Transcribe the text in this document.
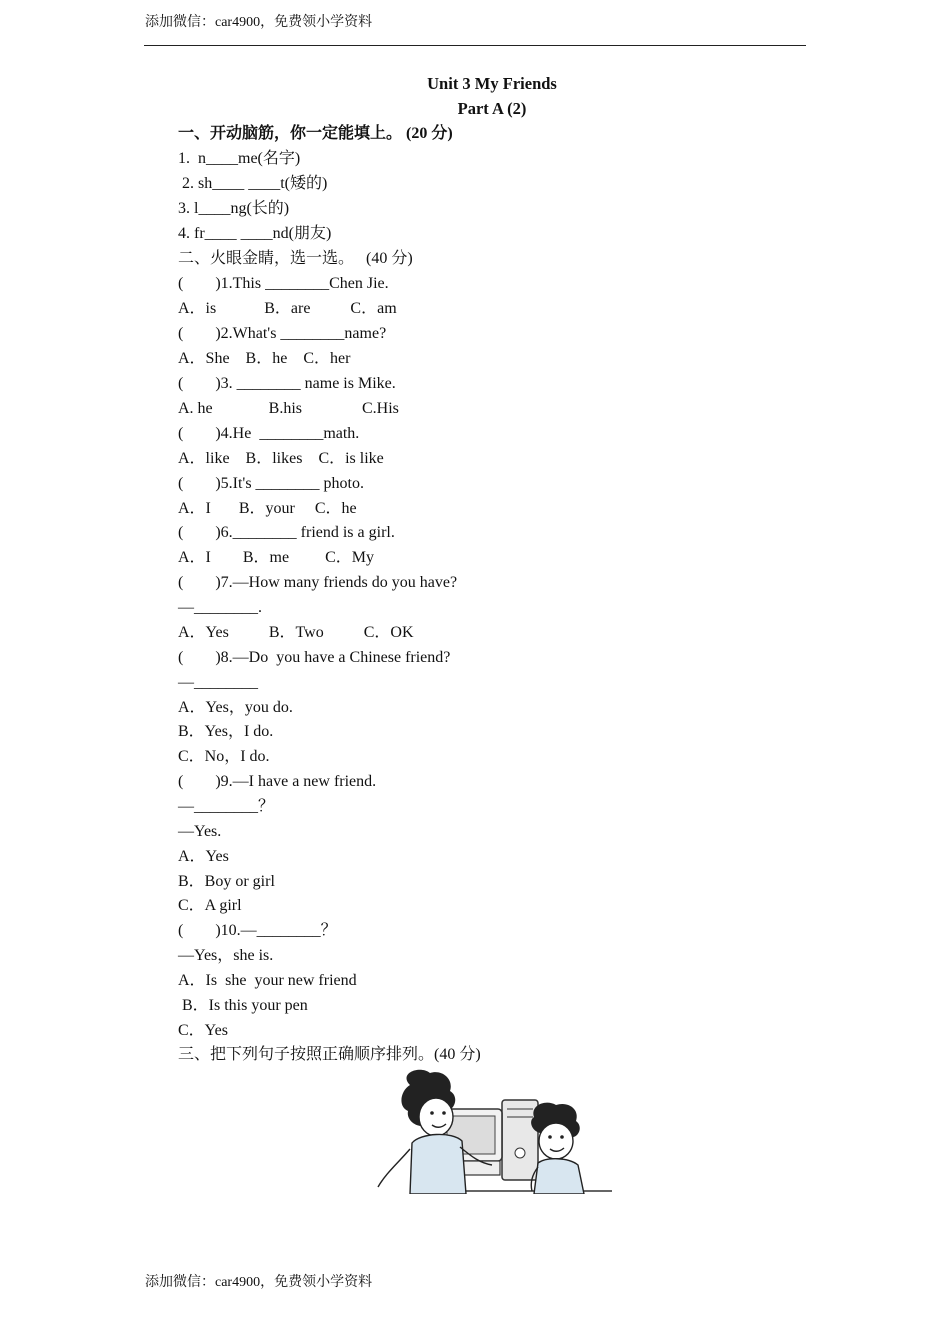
添加微信：car4900，免费领小学资料
Unit 3 My Friends
Part A (2)
一、开动脑筋，你一定能填上。 (20 分)
1.  n____me(名字)
2. sh____ ____t(矮的)
3. l____ng(长的)
4. fr____ ____nd(朋友)
二、火眼金睛，选一选。   (40 分)
(        )1.This ________Chen Jie.
A．is            B．are          C．am
(        )2.What's ________name?
A．She    B．he    C．her
(        )3. ________ name is Mike.
A. he              B.his               C.His
(        )4.He  ________math.
A．like    B．likes    C．is like
(        )5.It's ________ photo.
A．I       B．your     C．he
(        )6.________ friend is a girl.
A．I        B．me         C．My
(        )7.—How many friends do you have?
—________.
A．Yes          B．Two          C．OK
(        )8.—Do  you have a Chinese friend?
—________
A．Yes，you do.
B．Yes，I do.
C．No，I do.
(        )9.—I have a new friend.
—________？
—Yes.
A．Yes
B．Boy or girl
C．A girl
(        )10.—________？
—Yes，she is.
A．Is  she  your new friend
B．Is this your pen
C．Yes
三、把下列句子按照正确顺序排列。(40 分)
添加微信：car4900，免费领小学资料
